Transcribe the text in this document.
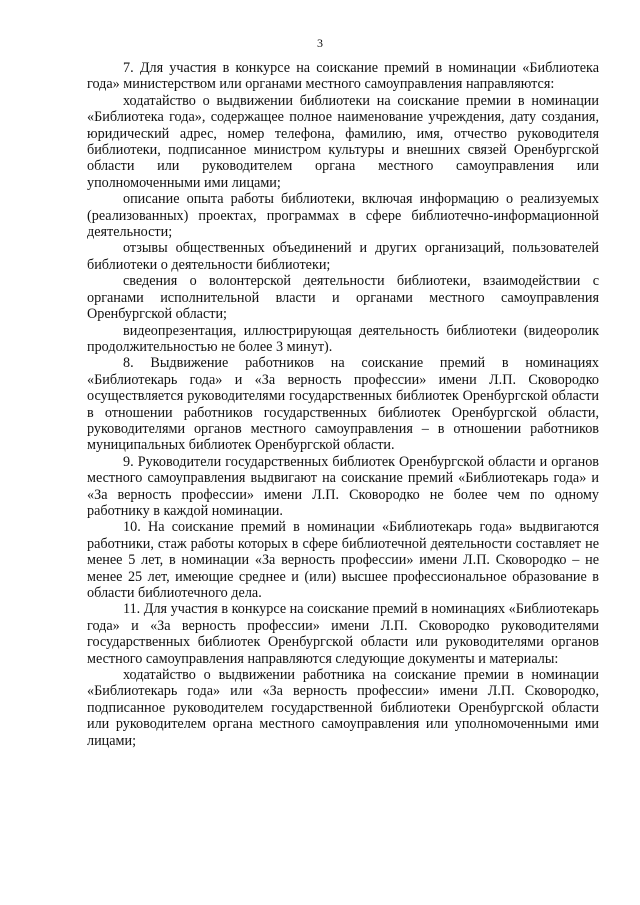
3

7. Для участия в конкурсе на соискание премий в номинации «Библиотека года» министерством или органами местного самоуправления направляются:

ходатайство о выдвижении библиотеки на соискание премии в номинации «Библиотека года», содержащее полное наименование учреждения, дату создания, юридический адрес, номер телефона, фамилию, имя, отчество руководителя библиотеки, подписанное министром культуры и внешних связей Оренбургской области или руководителем органа местного самоуправления или уполномоченными ими лицами;

описание опыта работы библиотеки, включая информацию о реализуемых (реализованных) проектах, программах в сфере библиотечно-информационной деятельности;

отзывы общественных объединений и других организаций, пользователей библиотеки о деятельности библиотеки;

сведения о волонтерской деятельности библиотеки, взаимодействии с органами исполнительной власти и органами местного самоуправления Оренбургской области;

видеопрезентация, иллюстрирующая деятельность библиотеки (видеоролик продолжительностью не более 3 минут).

8. Выдвижение работников на соискание премий в номинациях «Библиотекарь года» и «За верность профессии» имени Л.П. Сковородко осуществляется руководителями государственных библиотек Оренбургской области в отношении работников государственных библиотек Оренбургской области, руководителями органов местного самоуправления – в отношении работников муниципальных библиотек Оренбургской области.

9. Руководители государственных библиотек Оренбургской области и органов местного самоуправления выдвигают на соискание премий «Библиотекарь года» и «За верность профессии» имени Л.П. Сковородко не более чем по одному работнику в каждой номинации.

10. На соискание премий в номинации «Библиотекарь года» выдвигаются работники, стаж работы которых в сфере библиотечной деятельности составляет не менее 5 лет, в номинации «За верность профессии» имени Л.П. Сковородко – не менее 25 лет, имеющие среднее и (или) высшее профессиональное образование в области библиотечного дела.

11. Для участия в конкурсе на соискание премий в номинациях «Библиотекарь года» и «За верность профессии» имени Л.П. Сковородко руководителями государственных библиотек Оренбургской области или руководителями органов местного самоуправления направляются следующие документы и материалы:

ходатайство о выдвижении работника на соискание премии в номинации «Библиотекарь года» или «За верность профессии» имени Л.П. Сковородко, подписанное руководителем государственной библиотеки Оренбургской области или руководителем органа местного самоуправления или уполномоченными ими лицами;
